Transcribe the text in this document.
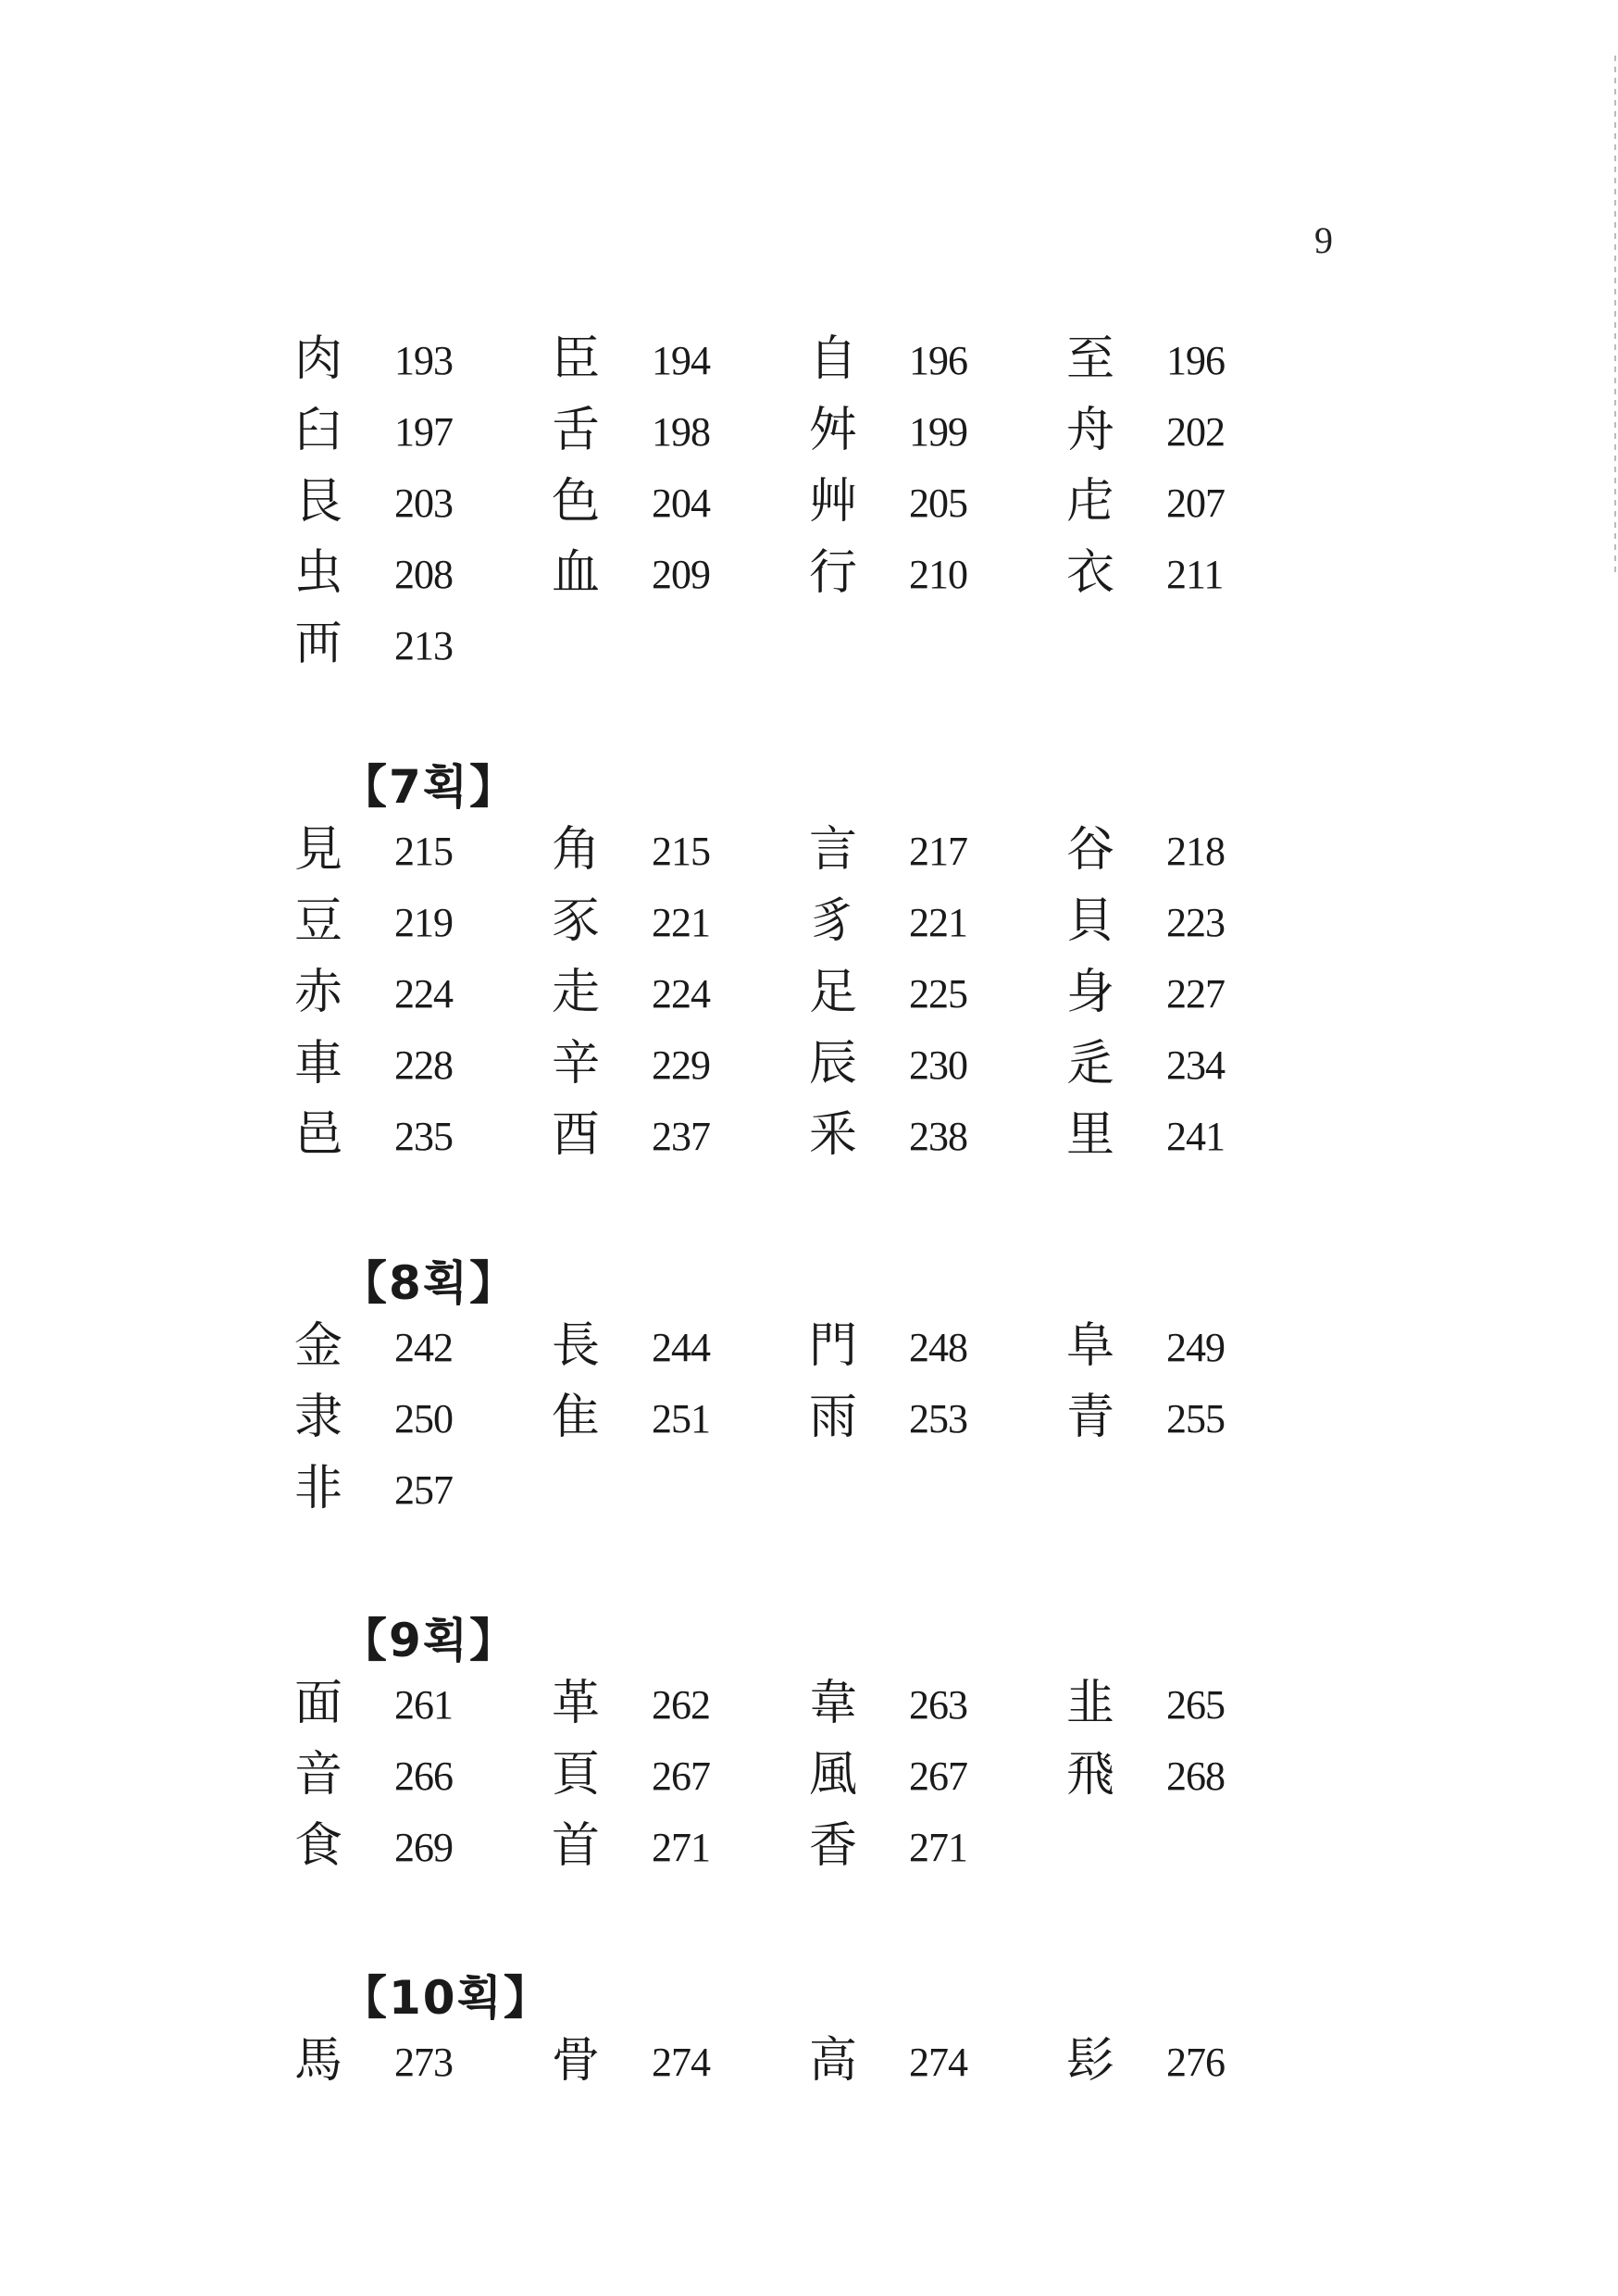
9
肉 193 臣 194 自 196 至 196
臼 197 舌 198 舛 199 舟 202
艮 203 色 204 艸 205 虍 207
虫 208 血 209 行 210 衣 211
襾 213
【7획】
見 215 角 215 言 217 谷 218
豆 219 豕 221 豸 221 貝 223
赤 224 走 224 足 225 身 227
車 228 辛 229 辰 230 辵 234
邑 235 酉 237 釆 238 里 241
【8획】
金 242 長 244 門 248 阜 249
隶 250 隹 251 雨 253 青 255
非 257
【9획】
面 261 革 262 韋 263 韭 265
音 266 頁 267 風 267 飛 268
食 269 首 271 香 271
【10획】
馬 273 骨 274 高 274 髟 276
